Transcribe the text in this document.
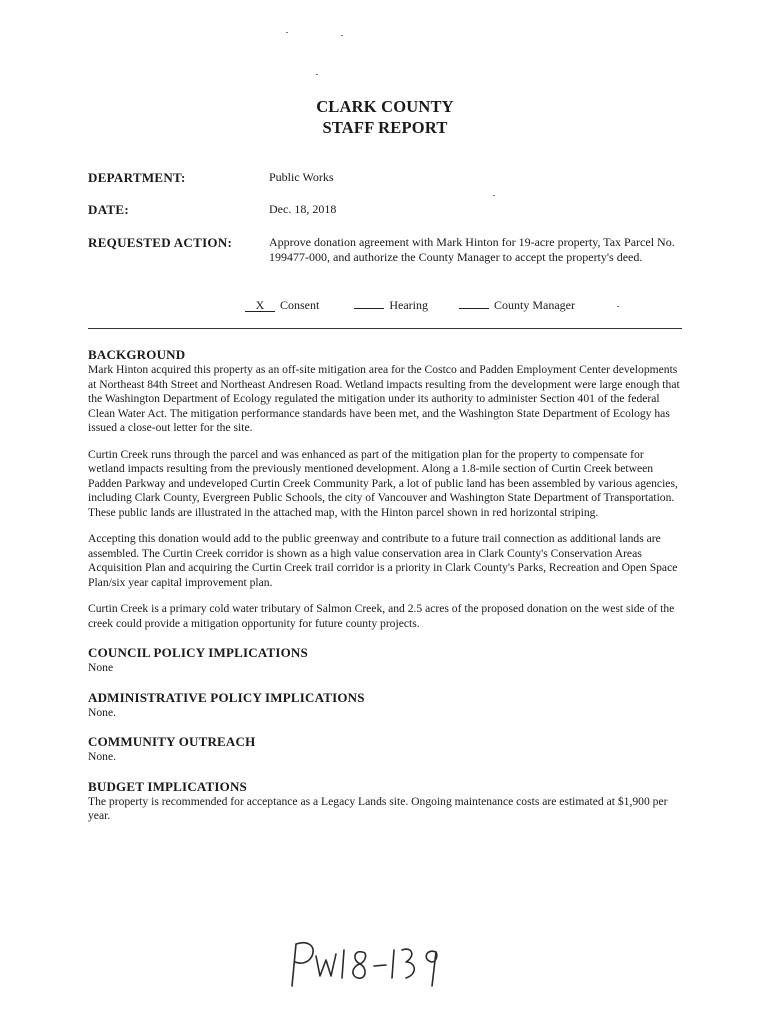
CLARK COUNTY
STAFF REPORT
DEPARTMENT:	Public Works
DATE:	Dec. 18, 2018
REQUESTED ACTION:	Approve donation agreement with Mark Hinton for 19-acre property, Tax Parcel No. 199477-000, and authorize the County Manager to accept the property's deed.
X Consent	Hearing	County Manager
BACKGROUND

Mark Hinton acquired this property as an off-site mitigation area for the Costco and Padden Employment Center developments at Northeast 84th Street and Northeast Andresen Road. Wetland impacts resulting from the development were large enough that the Washington Department of Ecology regulated the mitigation under its authority to administer Section 401 of the federal Clean Water Act. The mitigation performance standards have been met, and the Washington State Department of Ecology has issued a close-out letter for the site.

Curtin Creek runs through the parcel and was enhanced as part of the mitigation plan for the property to compensate for wetland impacts resulting from the previously mentioned development. Along a 1.8-mile section of Curtin Creek between Padden Parkway and undeveloped Curtin Creek Community Park, a lot of public land has been assembled by various agencies, including Clark County, Evergreen Public Schools, the city of Vancouver and Washington State Department of Transportation. These public lands are illustrated in the attached map, with the Hinton parcel shown in red horizontal striping.

Accepting this donation would add to the public greenway and contribute to a future trail connection as additional lands are assembled. The Curtin Creek corridor is shown as a high value conservation area in Clark County's Conservation Areas Acquisition Plan and acquiring the Curtin Creek trail corridor is a priority in Clark County's Parks, Recreation and Open Space Plan/six year capital improvement plan.

Curtin Creek is a primary cold water tributary of Salmon Creek, and 2.5 acres of the proposed donation on the west side of the creek could provide a mitigation opportunity for future county projects.

COUNCIL POLICY IMPLICATIONS

None

ADMINISTRATIVE POLICY IMPLICATIONS

None.

COMMUNITY OUTREACH

None.

BUDGET IMPLICATIONS

The property is recommended for acceptance as a Legacy Lands site. Ongoing maintenance costs are estimated at $1,900 per year.
